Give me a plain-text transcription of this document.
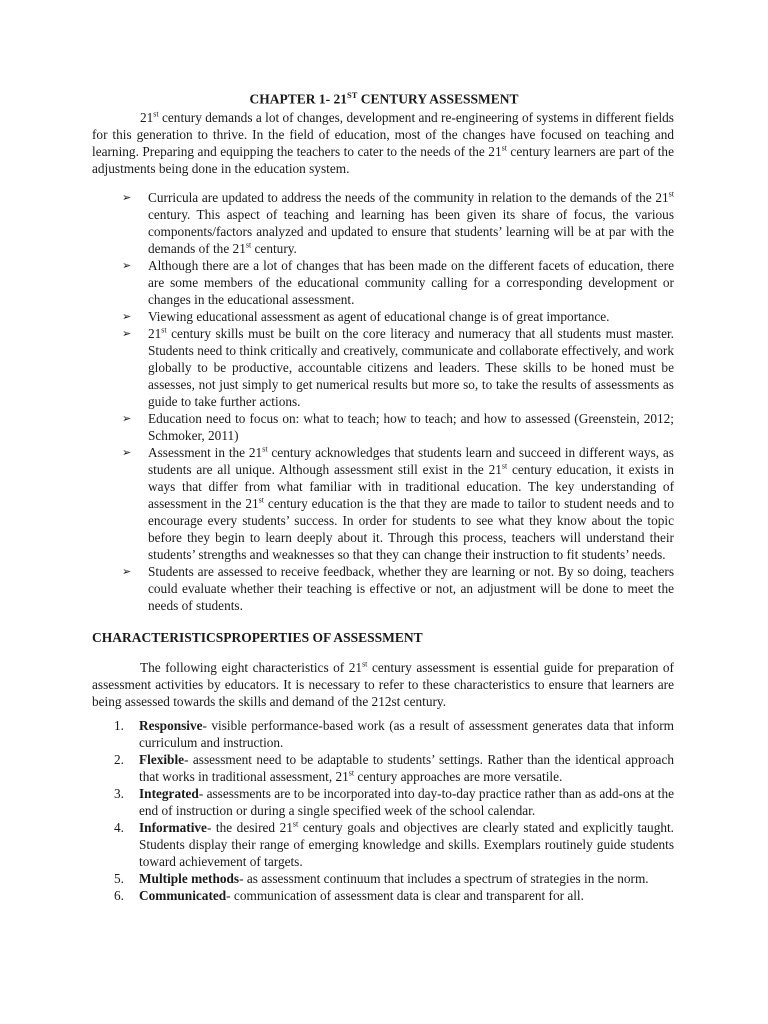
CHAPTER 1- 21ST CENTURY ASSESSMENT

21st century demands a lot of changes, development and re-engineering of systems in different fields for this generation to thrive. In the field of education, most of the changes have focused on teaching and learning. Preparing and equipping the teachers to cater to the needs of the 21st century learners are part of the adjustments being done in the education system.

➢ Curricula are updated to address the needs of the community in relation to the demands of the 21st century. This aspect of teaching and learning has been given its share of focus, the various components/factors analyzed and updated to ensure that students’ learning will be at par with the demands of the 21st century.
➢ Although there are a lot of changes that has been made on the different facets of education, there are some members of the educational community calling for a corresponding development or changes in the educational assessment.
➢ Viewing educational assessment as agent of educational change is of great importance.
➢ 21st century skills must be built on the core literacy and numeracy that all students must master. Students need to think critically and creatively, communicate and collaborate effectively, and work globally to be productive, accountable citizens and leaders. These skills to be honed must be assesses, not just simply to get numerical results but more so, to take the results of assessments as guide to take further actions.
➢ Education need to focus on: what to teach; how to teach; and how to assessed (Greenstein, 2012; Schmoker, 2011)
➢ Assessment in the 21st century acknowledges that students learn and succeed in different ways, as students are all unique. Although assessment still exist in the 21st century education, it exists in ways that differ from what familiar with in traditional education. The key understanding of assessment in the 21st century education is the that they are made to tailor to student needs and to encourage every students’ success. In order for students to see what they know about the topic before they begin to learn deeply about it. Through this process, teachers will understand their students’ strengths and weaknesses so that they can change their instruction to fit students’ needs.
➢ Students are assessed to receive feedback, whether they are learning or not. By so doing, teachers could evaluate whether their teaching is effective or not, an adjustment will be done to meet the needs of students.
CHARACTERISTICSPROPERTIES OF ASSESSMENT

The following eight characteristics of 21st century assessment is essential guide for preparation of assessment activities by educators. It is necessary to refer to these characteristics to ensure that learners are being assessed towards the skills and demand of the 212st century.

1. Responsive- visible performance-based work (as a result of assessment generates data that inform curriculum and instruction.
2. Flexible- assessment need to be adaptable to students’ settings. Rather than the identical approach that works in traditional assessment, 21st century approaches are more versatile.
3. Integrated- assessments are to be incorporated into day-to-day practice rather than as add-ons at the end of instruction or during a single specified week of the school calendar.
4. Informative- the desired 21st century goals and objectives are clearly stated and explicitly taught. Students display their range of emerging knowledge and skills. Exemplars routinely guide students toward achievement of targets.
5. Multiple methods- as assessment continuum that includes a spectrum of strategies in the norm.
6. Communicated- communication of assessment data is clear and transparent for all.
